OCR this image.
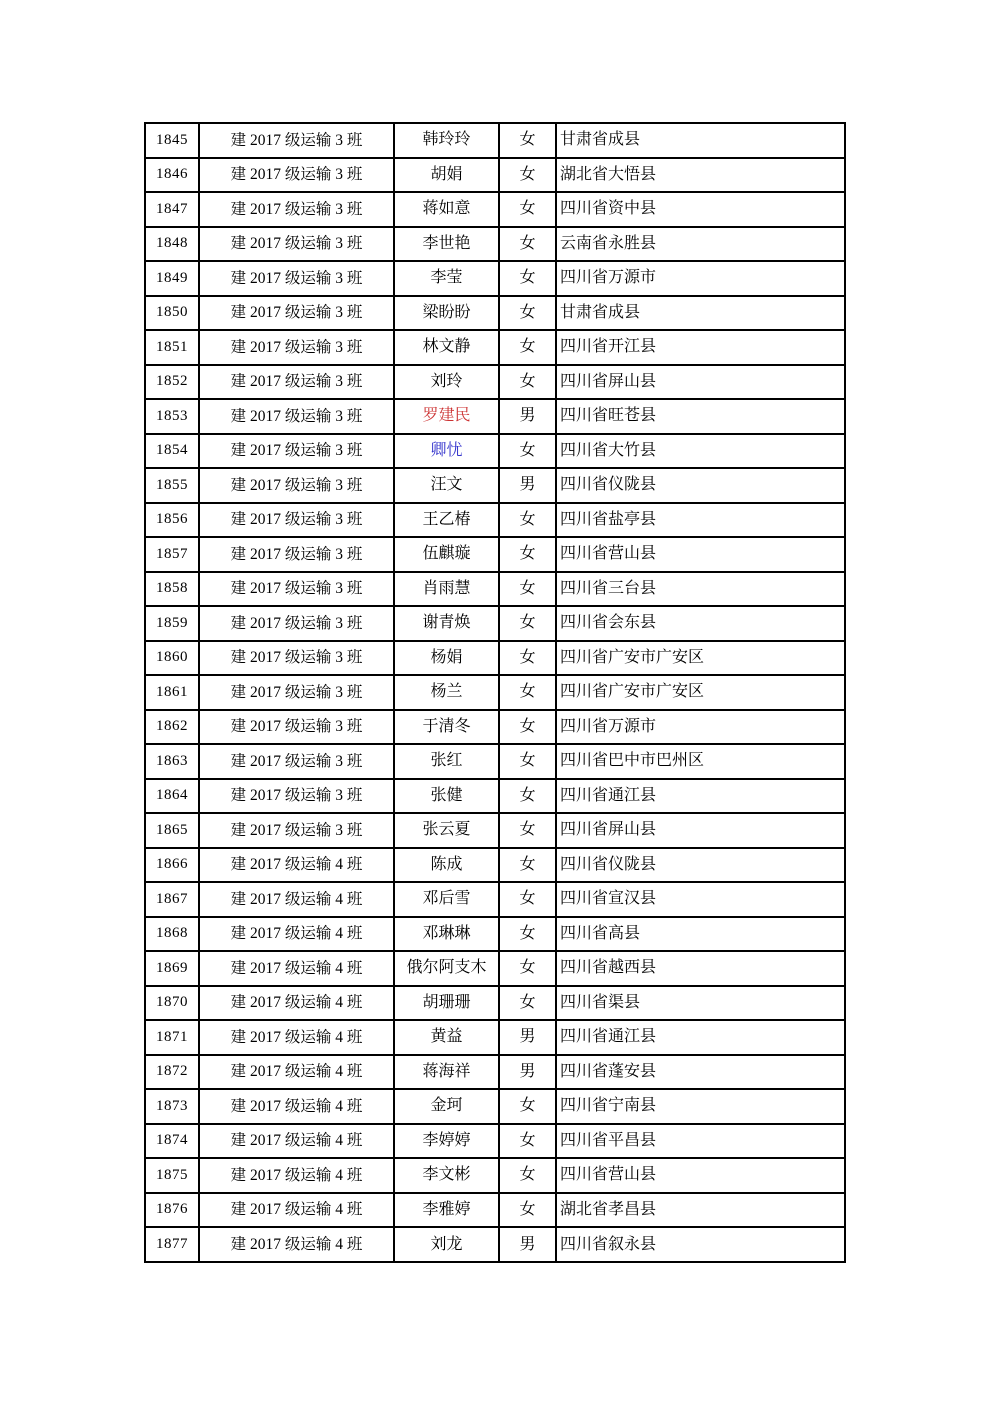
1845	建 2017 级运输 3 班	韩玲玲	女	甘肃省成县
1846	建 2017 级运输 3 班	胡娟	女	湖北省大悟县
1847	建 2017 级运输 3 班	蒋如意	女	四川省资中县
1848	建 2017 级运输 3 班	李世艳	女	云南省永胜县
1849	建 2017 级运输 3 班	李莹	女	四川省万源市
1850	建 2017 级运输 3 班	梁盼盼	女	甘肃省成县
1851	建 2017 级运输 3 班	林文静	女	四川省开江县
1852	建 2017 级运输 3 班	刘玲	女	四川省屏山县
1853	建 2017 级运输 3 班	罗建民	男	四川省旺苍县
1854	建 2017 级运输 3 班	卿忧	女	四川省大竹县
1855	建 2017 级运输 3 班	汪文	男	四川省仪陇县
1856	建 2017 级运输 3 班	王乙椿	女	四川省盐亭县
1857	建 2017 级运输 3 班	伍麒璇	女	四川省营山县
1858	建 2017 级运输 3 班	肖雨慧	女	四川省三台县
1859	建 2017 级运输 3 班	谢青焕	女	四川省会东县
1860	建 2017 级运输 3 班	杨娟	女	四川省广安市广安区
1861	建 2017 级运输 3 班	杨兰	女	四川省广安市广安区
1862	建 2017 级运输 3 班	于清冬	女	四川省万源市
1863	建 2017 级运输 3 班	张红	女	四川省巴中市巴州区
1864	建 2017 级运输 3 班	张健	女	四川省通江县
1865	建 2017 级运输 3 班	张云夏	女	四川省屏山县
1866	建 2017 级运输 4 班	陈成	女	四川省仪陇县
1867	建 2017 级运输 4 班	邓后雪	女	四川省宣汉县
1868	建 2017 级运输 4 班	邓琳琳	女	四川省高县
1869	建 2017 级运输 4 班	俄尔阿支木	女	四川省越西县
1870	建 2017 级运输 4 班	胡珊珊	女	四川省渠县
1871	建 2017 级运输 4 班	黄益	男	四川省通江县
1872	建 2017 级运输 4 班	蒋海祥	男	四川省蓬安县
1873	建 2017 级运输 4 班	金珂	女	四川省宁南县
1874	建 2017 级运输 4 班	李婷婷	女	四川省平昌县
1875	建 2017 级运输 4 班	李文彬	女	四川省营山县
1876	建 2017 级运输 4 班	李雅婷	女	湖北省孝昌县
1877	建 2017 级运输 4 班	刘龙	男	四川省叙永县
